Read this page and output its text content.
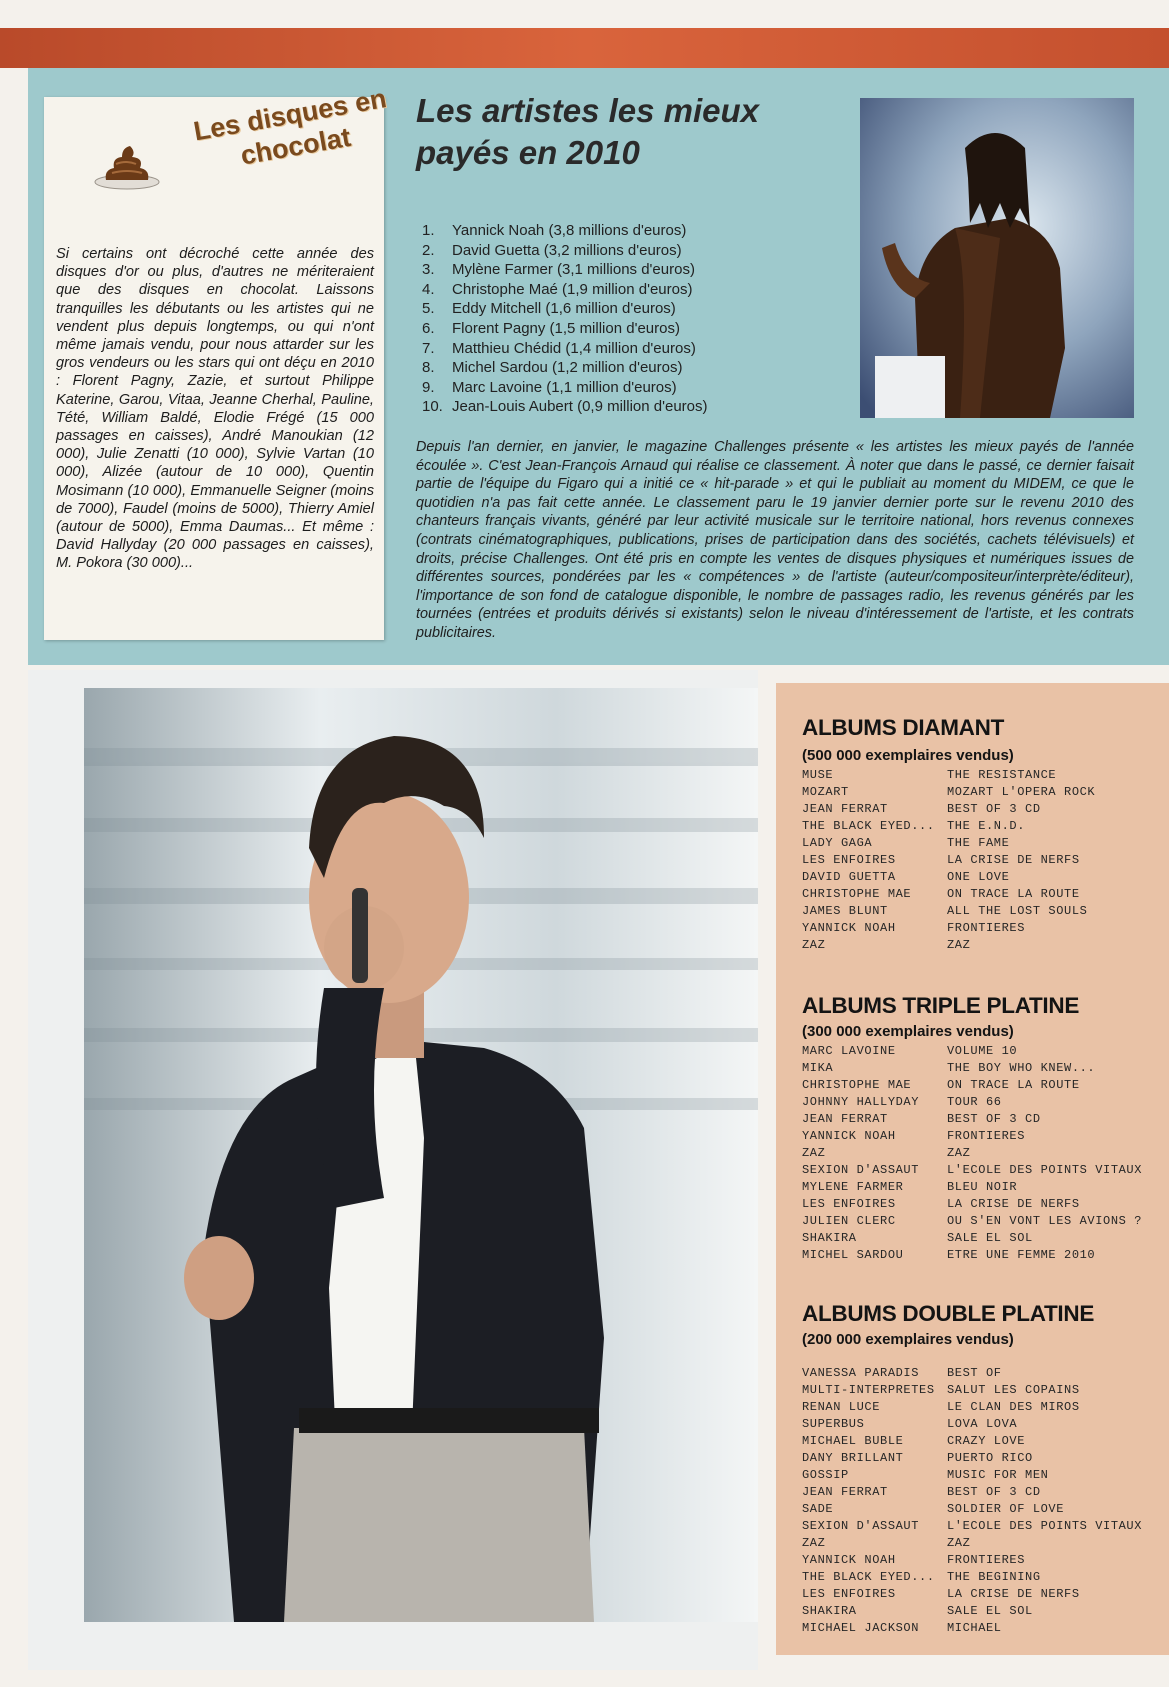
Les disques en chocolat
Si certains ont décroché cette année des disques d'or ou plus, d'autres ne mériteraient que des disques en chocolat. Laissons tranquilles les débutants ou les artistes qui ne vendent plus depuis longtemps, ou qui n'ont même jamais vendu, pour nous attarder sur les gros vendeurs ou les stars qui ont déçu en 2010 : Florent Pagny, Zazie, et surtout Philippe Katerine, Garou, Vitaa, Jeanne Cherhal, Pauline, Tété, William Baldé, Elodie Frégé (15 000 passages en caisses), André Manoukian (12 000), Julie Zenatti (10 000), Sylvie Vartan (10 000), Alizée (autour de 10 000), Quentin Mosimann (10 000), Emmanuelle Seigner (moins de 7000), Faudel (moins de 5000), Thierry Amiel (autour de 5000), Emma Daumas... Et même : David Hallyday (20 000 passages en caisses), M. Pokora (30 000)...
Les artistes les mieux payés en 2010
1.	Yannick Noah (3,8 millions d'euros)
2.	David Guetta (3,2 millions d'euros)
3.	Mylène Farmer (3,1 millions d'euros)
4.	Christophe Maé (1,9 million d'euros)
5.	Eddy Mitchell (1,6 million d'euros)
6.	Florent Pagny (1,5 million d'euros)
7.	Matthieu Chédid (1,4 million d'euros)
8.	Michel Sardou (1,2 million d'euros)
9.	Marc Lavoine (1,1 million d'euros)
10. Jean-Louis Aubert (0,9 million d'euros)
Depuis l'an dernier, en janvier, le magazine Challenges présente « les artistes les mieux payés de l'année écoulée ». C'est Jean-François Arnaud qui réalise ce classement. À noter que dans le passé, ce dernier faisait partie de l'équipe du Figaro qui a initié ce « hit-parade » et qui le publiait au moment du MIDEM, ce que le quotidien n'a pas fait cette année. Le classement paru le 19 janvier dernier porte sur le revenu 2010 des chanteurs français vivants, généré par leur activité musicale sur le territoire national, hors revenus connexes (contrats cinématographiques, publications, prises de participation dans des sociétés, cachets télévisuels) et droits, précise Challenges. Ont été pris en compte les ventes de disques physiques et numériques issues de différentes sources, pondérées par les « compétences » de l'artiste (auteur/compositeur/interprète/éditeur), l'importance de son fond de catalogue disponible, le nombre de passages radio, les revenus générés par les tournées (entrées et produits dérivés si existants) selon le niveau d'intéressement de l'artiste, et les contrats publicitaires.
ALBUMS DIAMANT
(500 000 exemplaires vendus)
MUSE	THE RESISTANCE
MOZART	MOZART L'OPERA ROCK
JEAN FERRAT	BEST OF 3 CD
THE BLACK EYED...	THE E.N.D.
LADY GAGA	THE FAME
LES ENFOIRES	LA CRISE DE NERFS
DAVID GUETTA	ONE LOVE
CHRISTOPHE MAE	ON TRACE LA ROUTE
JAMES BLUNT	ALL THE LOST SOULS
YANNICK NOAH	FRONTIERES
ZAZ	ZAZ
ALBUMS TRIPLE PLATINE
(300 000 exemplaires vendus)
MARC LAVOINE	VOLUME 10
MIKA	THE BOY WHO KNEW...
CHRISTOPHE MAE	ON TRACE LA ROUTE
JOHNNY HALLYDAY	TOUR 66
JEAN FERRAT	BEST OF 3 CD
YANNICK NOAH	FRONTIERES
ZAZ	ZAZ
SEXION D'ASSAUT	L'ECOLE DES POINTS VITAUX
MYLENE FARMER	BLEU NOIR
LES ENFOIRES	LA CRISE DE NERFS
JULIEN CLERC	OU S'EN VONT LES AVIONS ?
SHAKIRA	SALE EL SOL
MICHEL SARDOU	ETRE UNE FEMME 2010
ALBUMS DOUBLE PLATINE
(200 000 exemplaires vendus)
VANESSA PARADIS	BEST OF
MULTI-INTERPRETES	SALUT LES COPAINS
RENAN LUCE	LE CLAN DES MIROS
SUPERBUS	LOVA LOVA
MICHAEL BUBLE	CRAZY LOVE
DANY BRILLANT	PUERTO RICO
GOSSIP	MUSIC FOR MEN
JEAN FERRAT	BEST OF 3 CD
SADE	SOLDIER OF LOVE
SEXION D'ASSAUT	L'ECOLE DES POINTS VITAUX
ZAZ	ZAZ
YANNICK NOAH	FRONTIERES
THE BLACK EYED...	THE BEGINING
LES ENFOIRES	LA CRISE DE NERFS
SHAKIRA	SALE EL SOL
MICHAEL JACKSON	MICHAEL
